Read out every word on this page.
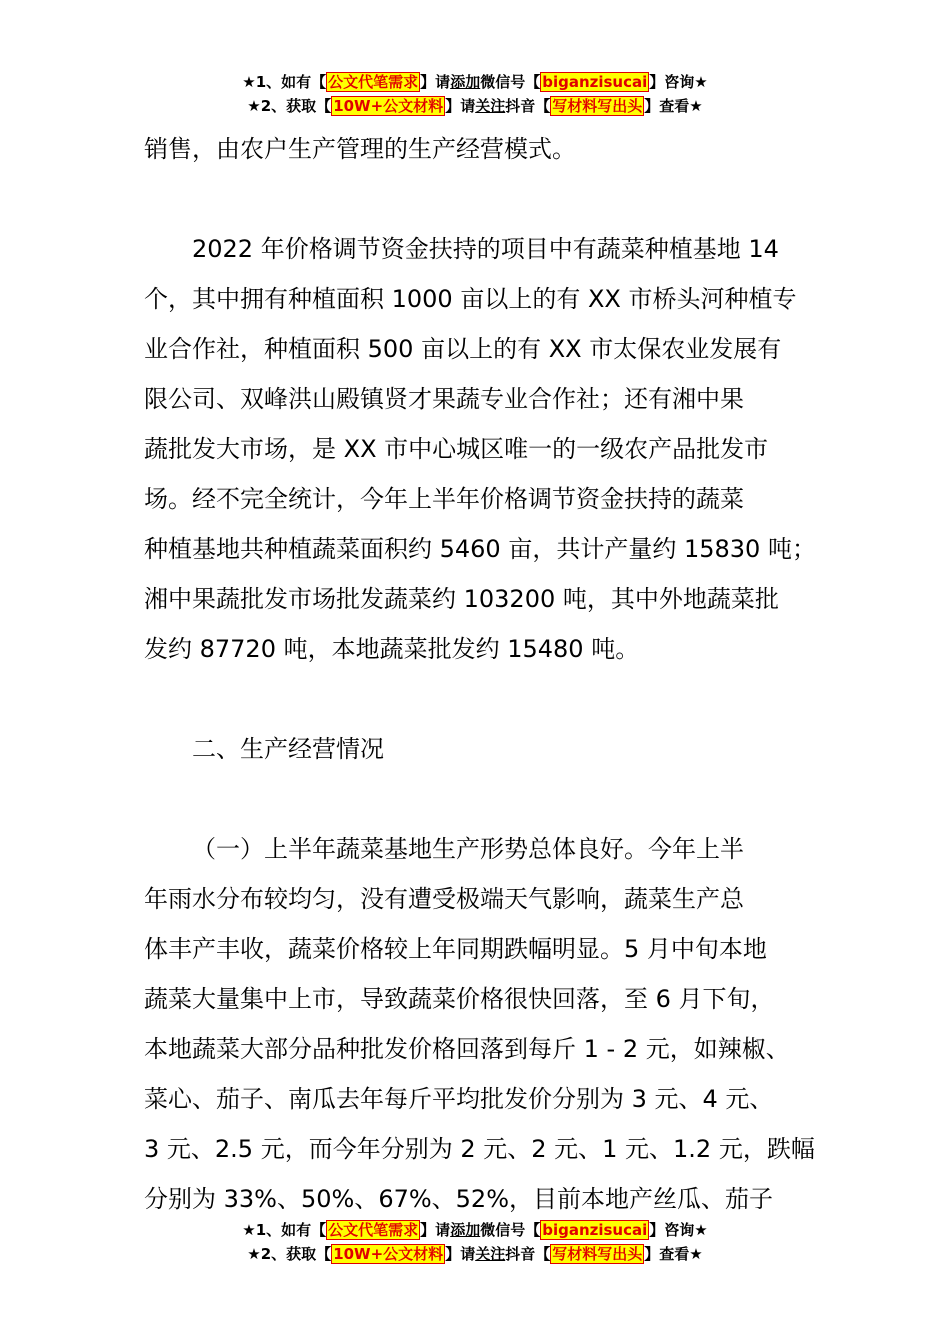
★1、如有【 公文代笔需求 】请添加微信号【 biganzisucai 】咨询★
★2、获取【 10W+公文材料 】请关注抖音【 写材料写出头 】查看★

销售，由农户生产管理的生产经营模式。

2022 年价格调节资金扶持的项目中有蔬菜种植基地 14

个，其中拥有种植面积 1000 亩以上的有 XX 市桥头河种植专

业合作社，种植面积 500 亩以上的有 XX 市太保农业发展有

限公司、双峰洪山殿镇贤才果蔬专业合作社；还有湘中果

蔬批发大市场，是 XX 市中心城区唯一的一级农产品批发市

场。经不完全统计，今年上半年价格调节资金扶持的蔬菜

种植基地共种植蔬菜面积约 5460 亩，共计产量约 15830 吨；

湘中果蔬批发市场批发蔬菜约 103200 吨，其中外地蔬菜批

发约 87720 吨，本地蔬菜批发约 15480 吨。

二、生产经营情况

（一）上半年蔬菜基地生产形势总体良好。今年上半

年雨水分布较均匀，没有遭受极端天气影响，蔬菜生产总

体丰产丰收，蔬菜价格较上年同期跌幅明显。5 月中旬本地

蔬菜大量集中上市，导致蔬菜价格很快回落，至 6 月下旬，

本地蔬菜大部分品种批发价格回落到每斤 1 - 2 元，如辣椒、

菜心、茄子、南瓜去年每斤平均批发价分别为 3 元、4 元、

3 元、2.5 元，而今年分别为 2 元、2 元、1 元、1.2 元，跌幅

分别为 33%、50%、67%、52%，目前本地产丝瓜、茄子

★1、如有【 公文代笔需求 】请添加微信号【 biganzisucai 】咨询★
★2、获取【 10W+公文材料 】请关注抖音【 写材料写出头 】查看★
